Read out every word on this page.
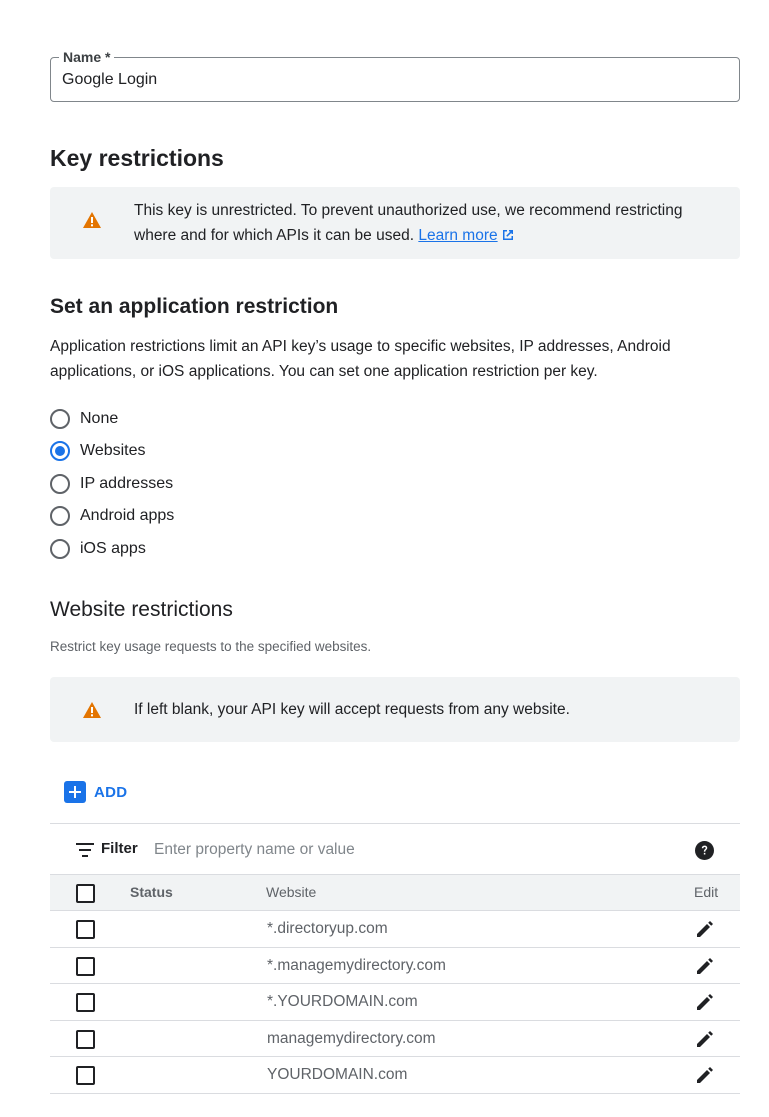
Name *
Google Login
Key restrictions
This key is unrestricted. To prevent unauthorized use, we recommend restricting where and for which APIs it can be used. Learn more
Set an application restriction

Application restrictions limit an API key’s usage to specific websites, IP addresses, Android applications, or iOS applications. You can set one application restriction per key.

None
Websites
IP addresses
Android apps
iOS apps
Website restrictions

Restrict key usage requests to the specified websites.

If left blank, your API key will accept requests from any website.
ADD
Filter
Enter property name or value
Status	Website	Edit
*.directoryup.com
*.managemydirectory.com
*.YOURDOMAIN.com
managemydirectory.com
YOURDOMAIN.com
